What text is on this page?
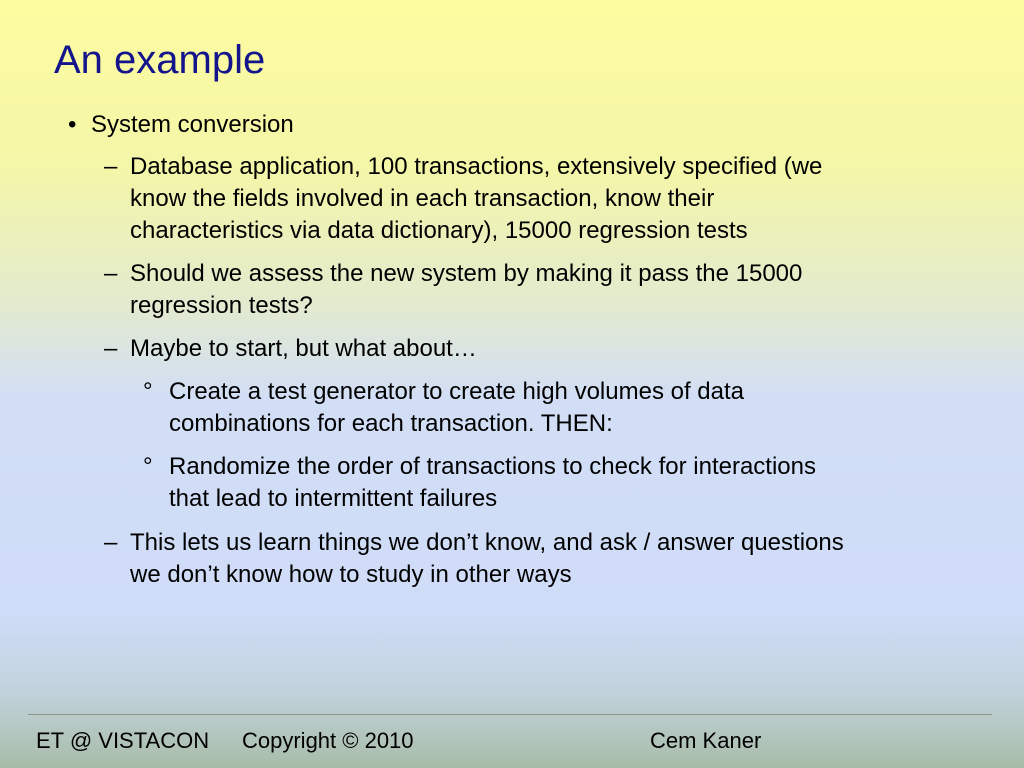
An example
• System conversion
– Database application, 100 transactions, extensively specified (we
know the fields involved in each transaction, know their
characteristics via data dictionary), 15000 regression tests
– Should we assess the new system by making it pass the 15000
regression tests?
– Maybe to start, but what about…
° Create a test generator to create high volumes of data
combinations for each transaction. THEN:
° Randomize the order of transactions to check for interactions
that lead to intermittent failures
– This lets us learn things we don’t know, and ask / answer questions
we don’t know how to study in other ways
ET @ VISTACON Copyright © 2010	Cem Kaner
